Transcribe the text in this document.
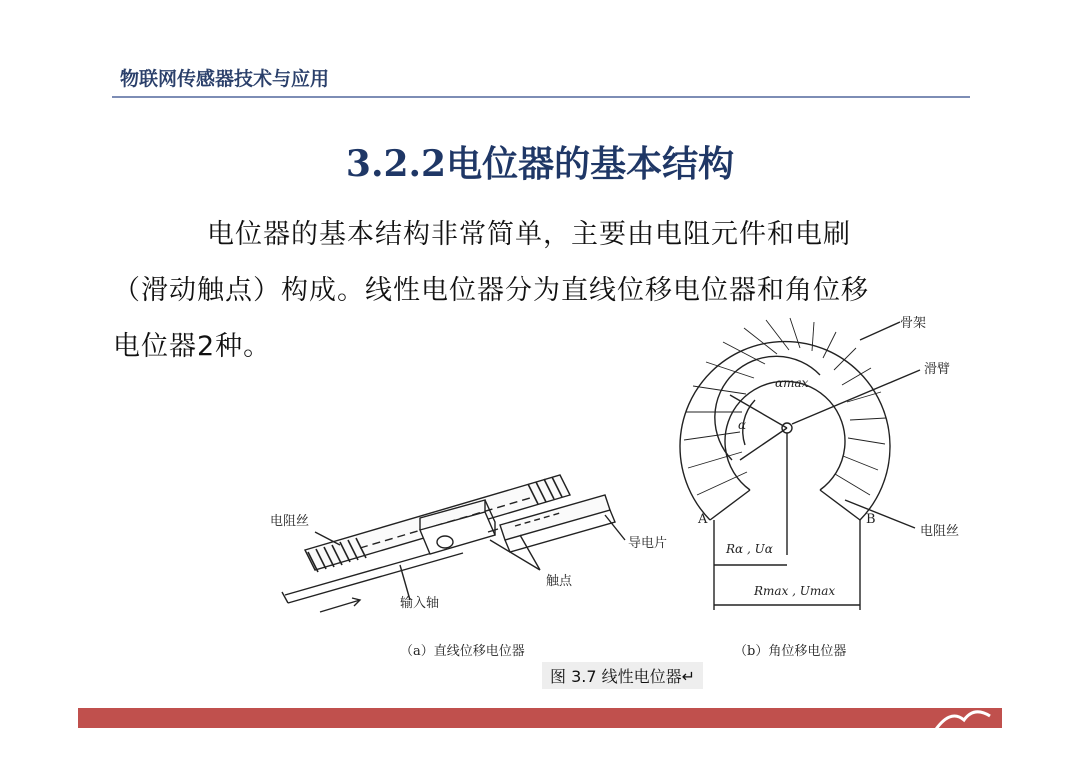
物联网传感器技术与应用
3.2.2电位器的基本结构
电位器的基本结构非常简单，主要由电阻元件和电刷
（滑动触点）构成。线性电位器分为直线位移电位器和角位移
电位器2种。
电阻丝
输入轴
触点
导电片
（a）直线位移电位器
骨架
滑臂
电阻丝
A	B
αmax
α
Rα , Uα
Rmax , Umax
（b）角位移电位器
图 3.7 线性电位器↵
